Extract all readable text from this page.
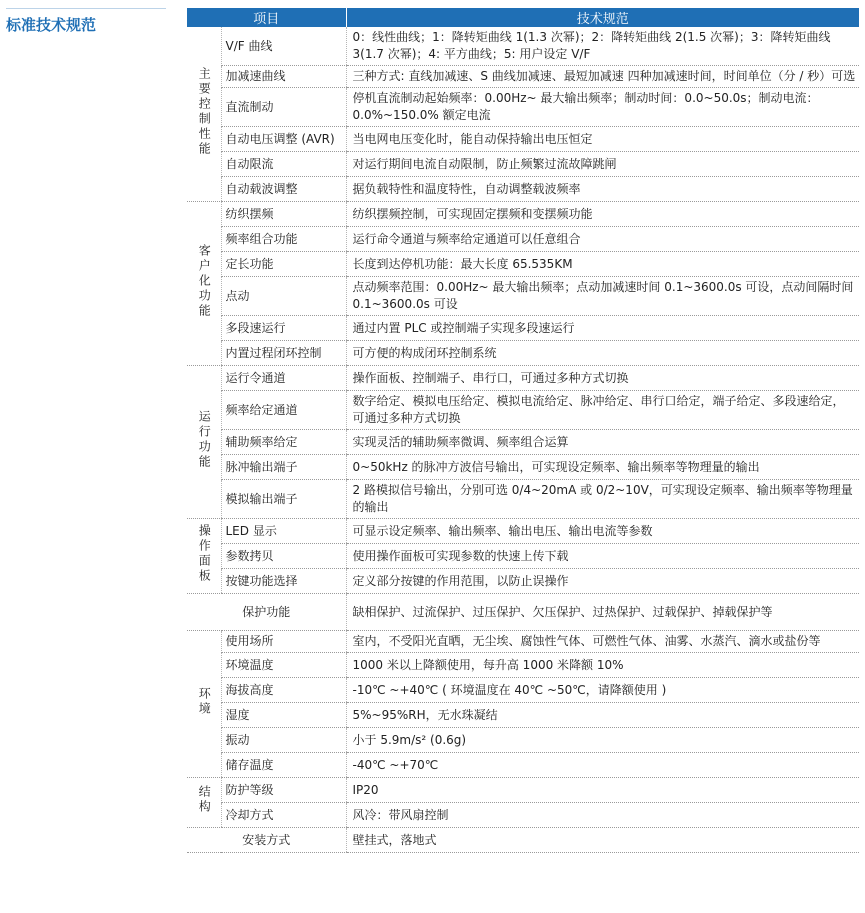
标准技术规范	项目		技术规范
主要控制性能	V/F 曲线	0：线性曲线；1：降转矩曲线 1(1.3 次幂)；2：降转矩曲线 2(1.5 次幂)；3：降转矩曲线 3(1.7 次幂)；4: 平方曲线；5: 用户设定 V/F
	加减速曲线	三种方式: 直线加减速、S 曲线加减速、最短加减速 四种加减速时间，时间单位（分 / 秒）可选
	直流制动	停机直流制动起始频率：0.00Hz~ 最大输出频率；制动时间：0.0~50.0s；制动电流：0.0%~150.0% 额定电流
	自动电压调整 (AVR)	当电网电压变化时，能自动保持输出电压恒定
	自动限流	对运行期间电流自动限制，防止频繁过流故障跳闸
	自动载波调整	据负载特性和温度特性，自动调整载波频率
客户化功能	纺织摆频	纺织摆频控制，可实现固定摆频和变摆频功能
	频率组合功能	运行命令通道与频率给定通道可以任意组合
	定长功能	长度到达停机功能：最大长度 65.535KM
	点动	点动频率范围：0.00Hz~ 最大输出频率；点动加减速时间 0.1~3600.0s 可设，点动间隔时间 0.1~3600.0s 可设
	多段速运行	通过内置 PLC 或控制端子实现多段速运行
	内置过程闭环控制	可方便的构成闭环控制系统
运行功能	运行令通道	操作面板、控制端子、串行口，可通过多种方式切换
	频率给定通道	数字给定、模拟电压给定、模拟电流给定、脉冲给定、串行口给定，端子给定、多段速给定，可通过多种方式切换
	辅助频率给定	实现灵活的辅助频率微调、频率组合运算
	脉冲输出端子	0~50kHz 的脉冲方波信号输出，可实现设定频率、输出频率等物理量的输出
	模拟输出端子	2 路模拟信号输出，分别可选 0/4~20mA 或 0/2~10V，可实现设定频率、输出频率等物理量的输出
操作面板	LED 显示	可显示设定频率、输出频率、输出电压、输出电流等参数
	参数拷贝	使用操作面板可实现参数的快速上传下载
	按键功能选择	定义部分按键的作用范围，以防止误操作
保护功能		缺相保护、过流保护、过压保护、欠压保护、过热保护、过载保护、掉载保护等
环境	使用场所	室内，不受阳光直晒，无尘埃、腐蚀性气体、可燃性气体、油雾、水蒸汽、滴水或盐份等
	环境温度	1000 米以上降额使用，每升高 1000 米降额 10%
	海拔高度	-10℃ ~+40℃ ( 环境温度在 40℃ ~50℃，请降额使用 )
	湿度	5%~95%RH，无水珠凝结
	振动	小于 5.9m/s² (0.6g)
	储存温度	-40℃ ~+70℃
结构	防护等级	IP20
	冷却方式	风冷：带风扇控制
安装方式		壁挂式，落地式
